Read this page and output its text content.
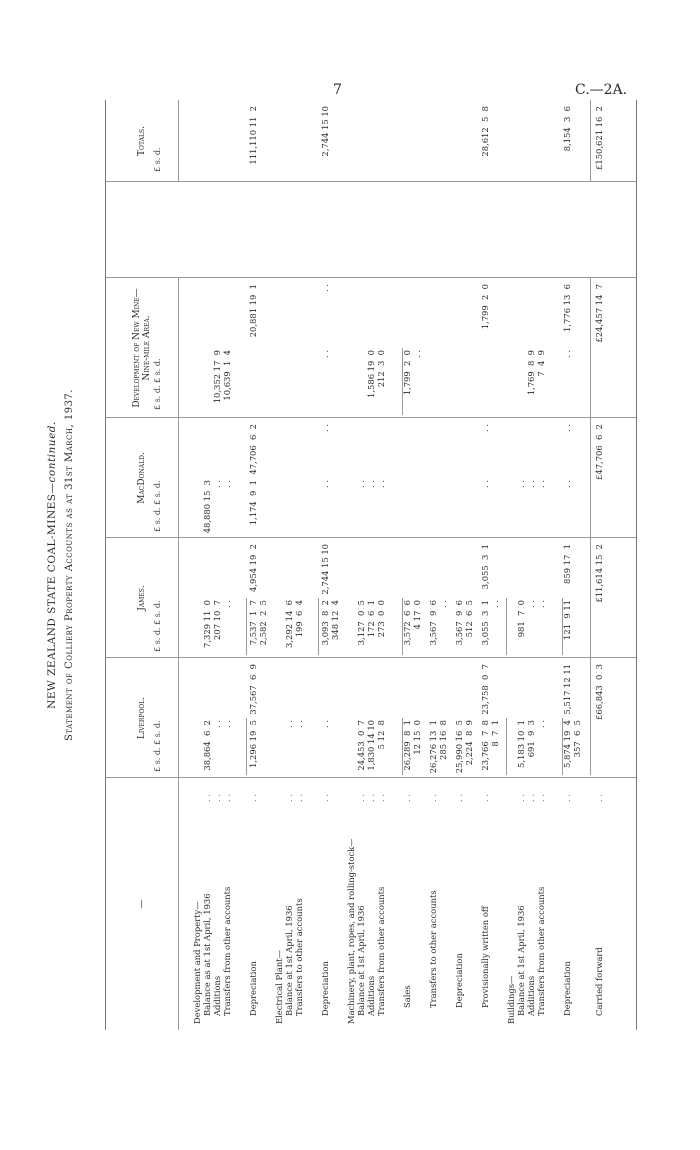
7	C.—2A.
NEW ZEALAND STATE COAL-MINES—continued. Statement of Colliery Property Accounts as at 31st March, 1937.
—
Liverpool.
James.
MacDonald.
Development of New Mine—Nine-mile Area.
Totals.
£ s. d. £ s. d.
£ s. d. £ s. d.
£ s. d. £ s. d.
£ s. d. £ s. d.
£ s. d.
Development and Property— Balance as at 1st April, 1936
. .
38,864  6  2
7,329 11  0
48,880 15  3
Additions
. .
. .
207 10  7
. .
10,352 17  9
Transfers from other accounts
. .
. .
. .
. .
10,639  1  4
Depreciation
. .
1,296 19  5
37,567  6  9
7,537  1  7 2,582  2  5
4,954 19  2
1,174  9  1
47,706  6  2
20,881 19  1
111,110 11  2
Electrical Plant— Balance at 1st April, 1936
. .
. .
3,292 14  6
Transfers to other accounts
. .
. .
199  6  4
Depreciation
. .
. .
3,093  8  2 348 12  4
2,744 15 10
. .
. .
. .
. .
2,744 15 10
Machinery, plant, ropes, and rolling-stock— Balance at 1st April, 1936
. .
24,453  0  7
3,127  0  5
. .
Additions
. .
1,830 14 10
172  6  1
. .
1,586 19  0
Transfers from other accounts
. .
5 12  8
273  0  0
. .
212  3  0
Sales
. .
26,289  8  1 12 15  0
3,572  6  6 4 17  0
1,799  2  0 . .
Transfers to other accounts
. .
26,276 13  1 285 16  8
3,567  9  6 . .
Depreciation
. .
25,990 16  5 2,224  8  9
3,567  9  6 512  6  5
Provisionally written off
. .
23,766  7  8 8  7  1
23,758  0  7
3,055  3  1 . .
3,055  3  1
. .
. .
1,799  2  0
28,612  5  8
Buildings— Balance at 1st April, 1936
. .
5,183 10  1
981  7  0
. .
Additions
. .
691  9  3
. .
. .
1,769  8  9
Transfers from other accounts
. .
. .
. .
. .
7  4  9
Depreciation
. .
5,874 19  4 357  6  5
5,517 12 11
121  9 11
859 17  1
. .
. .
. .
1,776 13  6
8,154  3  6
Carried forward
. .
£66,843  0  3
£11,614 15  2
£47,706  6  2
£24,457 14  7
£150,621 16  2
